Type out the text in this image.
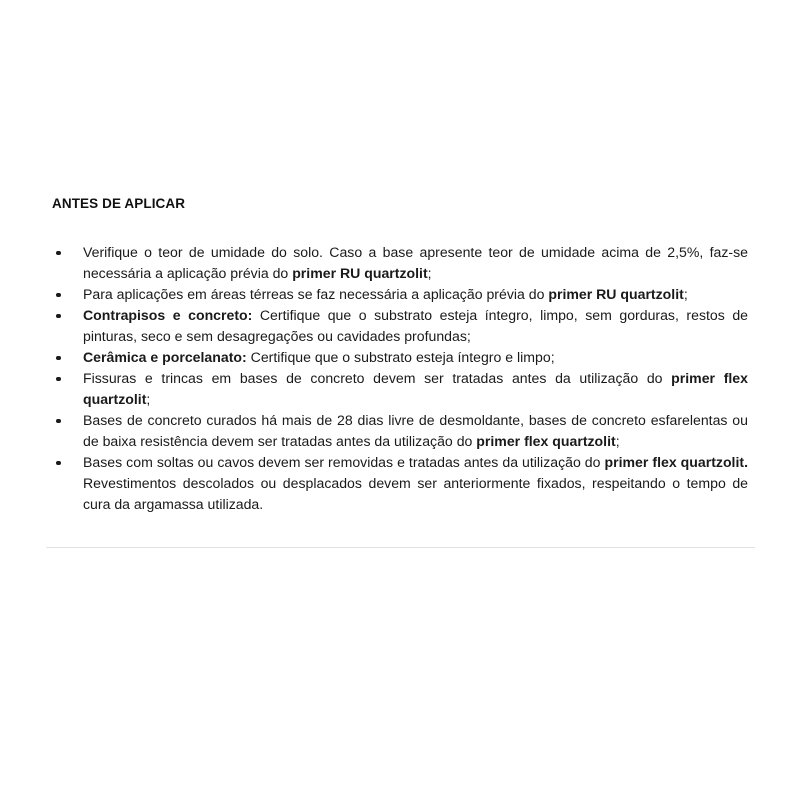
ANTES DE APLICAR
Verifique o teor de umidade do solo. Caso a base apresente teor de umidade acima de 2,5%, faz-se necessária a aplicação prévia do primer RU quartzolit;
Para aplicações em áreas térreas se faz necessária a aplicação prévia do primer RU quartzolit;
Contrapisos e concreto: Certifique que o substrato esteja íntegro, limpo, sem gorduras, restos de pinturas, seco e sem desagregações ou cavidades profundas;
Cerâmica e porcelanato: Certifique que o substrato esteja íntegro e limpo;
Fissuras e trincas em bases de concreto devem ser tratadas antes da utilização do primer flex quartzolit;
Bases de concreto curados há mais de 28 dias livre de desmoldante, bases de concreto esfarelentas ou de baixa resistência devem ser tratadas antes da utilização do primer flex quartzolit;
Bases com soltas ou cavos devem ser removidas e tratadas antes da utilização do primer flex quartzolit. Revestimentos descolados ou desplacados devem ser anteriormente fixados, respeitando o tempo de cura da argamassa utilizada.
